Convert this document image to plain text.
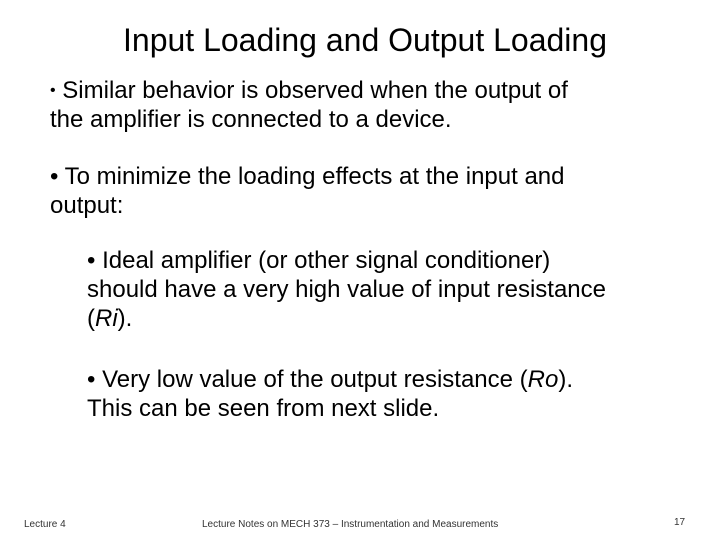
Input Loading and Output Loading
• Similar behavior is observed when the output of
the amplifier is connected to a device.
• To minimize the loading effects at the input and
output:
• Ideal amplifier (or other signal conditioner)
should have a very high value of input resistance
(Ri).
• Very low value of the output resistance (Ro).
This can be seen from next slide.
Lecture 4	Lecture Notes on MECH 373 – Instrumentation and Measurements	17
